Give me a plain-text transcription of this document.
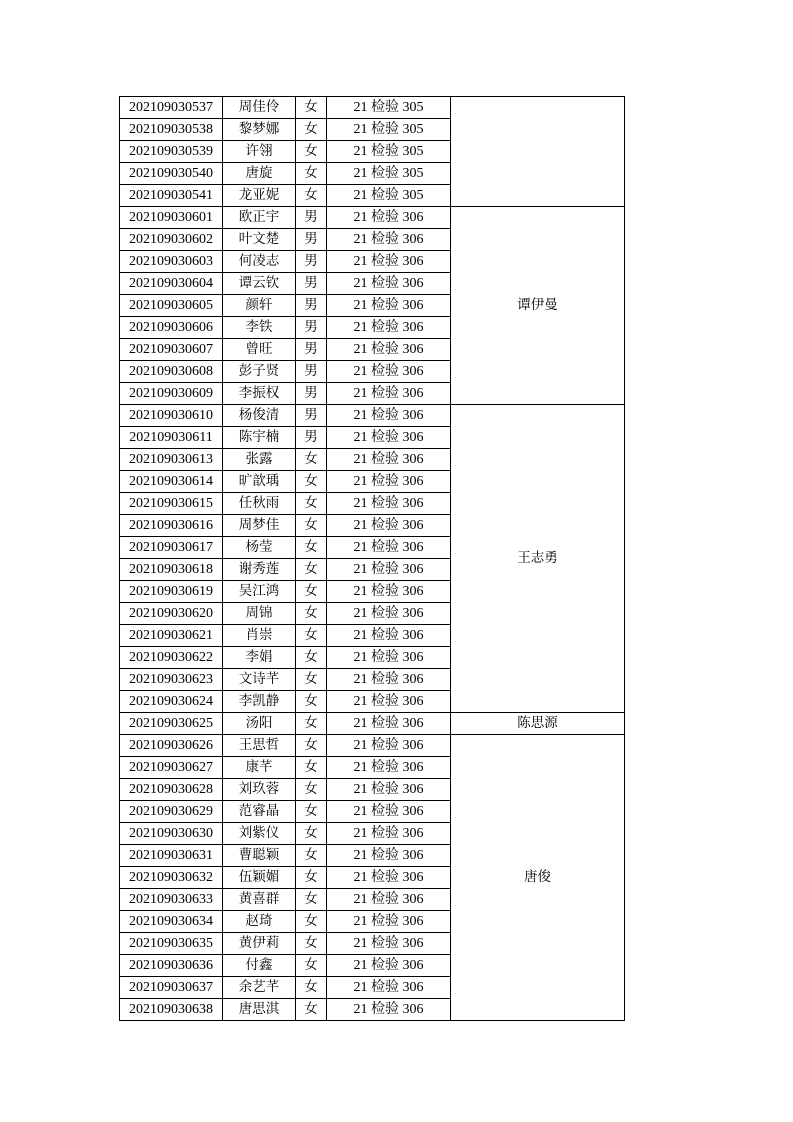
202109030537	周佳伶	女	21 检验 305	
202109030538	黎梦娜	女	21 检验 305	
202109030539	许翎	女	21 检验 305	
202109030540	唐旋	女	21 检验 305	
202109030541	龙亚妮	女	21 检验 305	
202109030601	欧正宇	男	21 检验 306	谭伊曼
202109030602	叶文楚	男	21 检验 306	
202109030603	何凌志	男	21 检验 306	
202109030604	谭云钦	男	21 检验 306	
202109030605	颜轩	男	21 检验 306	
202109030606	李铁	男	21 检验 306	
202109030607	曾旺	男	21 检验 306	
202109030608	彭子贤	男	21 检验 306	
202109030609	李振权	男	21 检验 306	
202109030610	杨俊清	男	21 检验 306	王志勇
202109030611	陈宇楠	男	21 检验 306	
202109030613	张露	女	21 检验 306	
202109030614	旷歆瑀	女	21 检验 306	
202109030615	任秋雨	女	21 检验 306	
202109030616	周梦佳	女	21 检验 306	
202109030617	杨莹	女	21 检验 306	
202109030618	谢秀莲	女	21 检验 306	
202109030619	吴江鸿	女	21 检验 306	
202109030620	周锦	女	21 检验 306	
202109030621	肖崇	女	21 检验 306	
202109030622	李娟	女	21 检验 306	
202109030623	文诗芊	女	21 检验 306	
202109030624	李凯静	女	21 检验 306	
202109030625	汤阳	女	21 检验 306	陈思源
202109030626	王思哲	女	21 检验 306	唐俊
202109030627	康芊	女	21 检验 306	
202109030628	刘玖蓉	女	21 检验 306	
202109030629	范睿晶	女	21 检验 306	
202109030630	刘紫仪	女	21 检验 306	
202109030631	曹聪颖	女	21 检验 306	
202109030632	伍颖媚	女	21 检验 306	
202109030633	黄喜群	女	21 检验 306	
202109030634	赵琦	女	21 检验 306	
202109030635	黄伊莉	女	21 检验 306	
202109030636	付鑫	女	21 检验 306	
202109030637	余艺芊	女	21 检验 306	
202109030638	唐思淇	女	21 检验 306	
